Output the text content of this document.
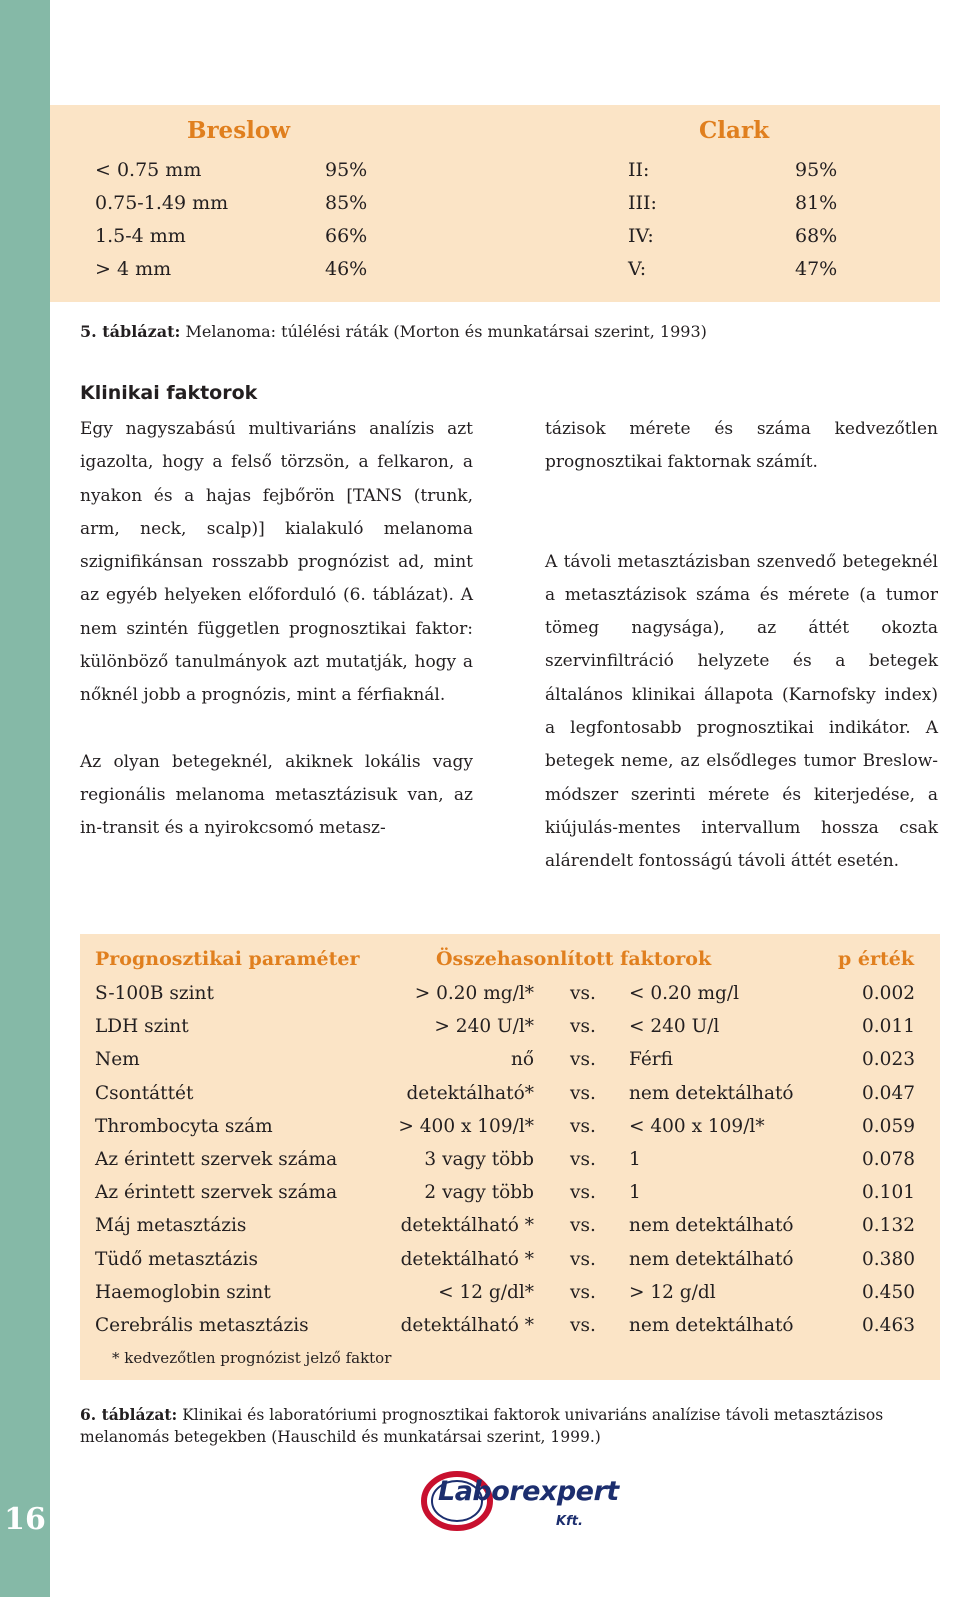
16
Breslow	Clark
< 0.75 mm	95%
0.75-1.49 mm	85%
1.5-4 mm	66%
> 4 mm	46%
II:	95%
III:	81%
IV:	68%
V:	47%
5. táblázat: Melanoma: túlélési ráták (Morton és munkatársai szerint, 1993)
Klinikai faktorok

Egy nagyszabású multivariáns analízis azt igazolta, hogy a felső törzsön, a felkaron, a nyakon és a hajas fejbőrön [TANS (trunk, arm, neck, scalp)] kialakuló melanoma szignifikánsan rosszabb prognózist ad, mint az egyéb helyeken előforduló (6. táblázat). A nem szintén független prognosztikai faktor: különböző tanulmányok azt mutatják, hogy a nőknél jobb a prognózis, mint a férfiaknál.

Az olyan betegeknél, akiknek lokális vagy regionális melanoma metasztázisuk van, az in-transit és a nyirokcsomó metasz-

tázisok mérete és száma kedvezőtlen prognosztikai faktornak számít.

A távoli metasztázisban szenvedő betegeknél a metasztázisok száma és mérete (a tumor tömeg nagysága), az áttét okozta szervinfiltráció helyzete és a betegek általános klinikai állapota (Karnofsky index) a legfontosabb prognosztikai indikátor. A betegek neme, az elsődleges tumor Breslow-módszer szerinti mérete és kiterjedése, a kiújulás-mentes intervallum hossza csak alárendelt fontosságú távoli áttét esetén.

Prognosztikai paraméter	Összehasonlított faktorok	p érték
S-100B szint	> 0.20 mg/l* vs. < 0.20 mg/l	0.002
LDH szint	> 240 U/l* vs. < 240 U/l	0.011
Nem	nő vs. Férfi	0.023
Csontáttét	detektálható* vs. nem detektálható	0.047
Thrombocyta szám	> 400 x 109/l* vs. < 400 x 109/l*	0.059
Az érintett szervek száma	3 vagy több vs. 1	0.078
Az érintett szervek száma	2 vagy több vs. 1	0.101
Máj metasztázis	detektálható * vs. nem detektálható	0.132
Tüdő metasztázis	detektálható * vs. nem detektálható	0.380
Haemoglobin szint	< 12 g/dl* vs. > 12 g/dl	0.450
Cerebrális metasztázis	detektálható * vs. nem detektálható	0.463
* kedvezőtlen prognózist jelző faktor
6. táblázat: Klinikai és laboratóriumi prognosztikai faktorok univariáns analízise távoli metasztázisos melanomás betegekben (Hauschild és munkatársai szerint, 1999.)
Laborexpert
Kft.
